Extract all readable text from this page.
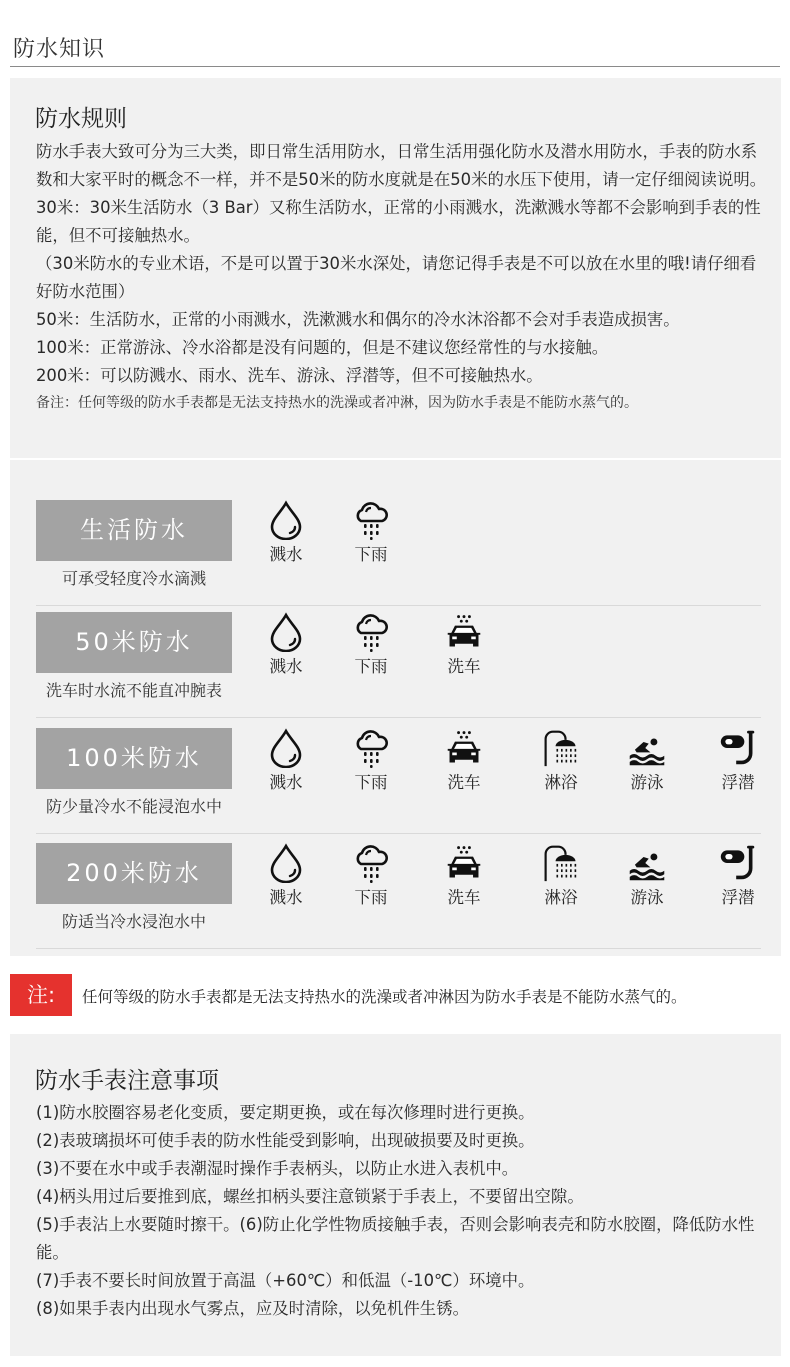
防水知识
防水规则

防水手表大致可分为三大类，即日常生活用防水，日常生活用强化防水及潜水用防水，手表的防水系数和大家平时的概念不一样，并不是50米的防水度就是在50米的水压下使用，请一定仔细阅读说明。

30米：30米生活防水（3 Bar）又称生活防水，正常的小雨溅水，洗漱溅水等都不会影响到手表的性能，但不可接触热水。

（30米防水的专业术语，不是可以置于30米水深处，请您记得手表是不可以放在水里的哦!请仔细看好防水范围）

50米：生活防水，正常的小雨溅水，洗漱溅水和偶尔的冷水沐浴都不会对手表造成损害。

100米：正常游泳、冷水浴都是没有问题的，但是不建议您经常性的与水接触。

200米：可以防溅水、雨水、洗车、游泳、浮潜等，但不可接触热水。

备注：任何等级的防水手表都是无法支持热水的洗澡或者冲淋，因为防水手表是不能防水蒸气的。

生活防水
可承受轻度冷水滴溅
溅水	下雨
50米防水
洗车时水流不能直冲腕表
溅水	下雨	洗车
100米防水
防少量冷水不能浸泡水中
溅水	下雨	洗车	淋浴	游泳	浮潜
200米防水
防适当冷水浸泡水中
溅水	下雨	洗车	淋浴	游泳	浮潜
注:	任何等级的防水手表都是无法支持热水的洗澡或者冲淋因为防水手表是不能防水蒸气的。
防水手表注意事项

(1)防水胶圈容易老化变质，要定期更换，或在每次修理时进行更换。

(2)表玻璃损坏可使手表的防水性能受到影响，出现破损要及时更换。

(3)不要在水中或手表潮湿时操作手表柄头，以防止水进入表机中。

(4)柄头用过后要推到底，螺丝扣柄头要注意锁紧于手表上，不要留出空隙。

(5)手表沾上水要随时擦干。(6)防止化学性物质接触手表，否则会影响表壳和防水胶圈，降低防水性能。

(7)手表不要长时间放置于高温（+60℃）和低温（-10℃）环境中。

(8)如果手表内出现水气雾点，应及时清除，以免机件生锈。
